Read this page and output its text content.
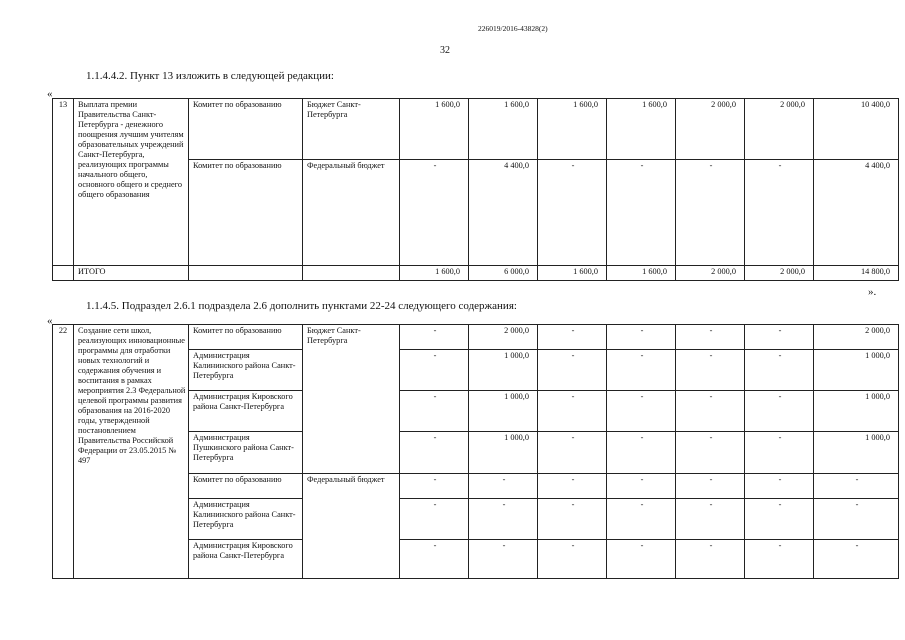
226019/2016-43828(2)
32
1.1.4.4.2. Пункт 13 изложить в следующей редакции:
«
13	Выплата премии Правительства Санкт-Петербурга - денежного поощрения лучшим учителям образовательных учреждений Санкт-Петербурга, реализующих программы начального общего, основного общего и среднего общего образования	Комитет по образованию	Бюджет Санкт-Петербурга	1 600,0	1 600,0	1 600,0	1 600,0	2 000,0	2 000,0	10 400,0
		Комитет по образованию	Федеральный бюджет	-	4 400,0	-	-	-	-	4 400,0
	ИТОГО			1 600,0	6 000,0	1 600,0	1 600,0	2 000,0	2 000,0	14 800,0
».
1.1.4.5. Подраздел 2.6.1 подраздела 2.6 дополнить пунктами 22-24 следующего содержания:
«
22	Создание сети школ, реализующих инновационные программы для отработки новых технологий и содержания обучения и воспитания в рамках мероприятия 2.3 Федеральной целевой программы развития образования на 2016-2020 годы, утвержденной постановлением Правительства Российской Федерации от 23.05.2015 № 497	Комитет по образованию	Бюджет Санкт-Петербурга	-	2 000,0	-	-	-	-	2 000,0
		Администрация Калининского района Санкт-Петербурга		-	1 000,0	-	-	-	-	1 000,0
		Администрация Кировского района Санкт-Петербурга		-	1 000,0	-	-	-	-	1 000,0
		Администрация Пушкинского района Санкт-Петербурга		-	1 000,0	-	-	-	-	1 000,0
		Комитет по образованию	Федеральный бюджет	-	-	-	-	-	-	-
		Администрация Калининского района Санкт-Петербурга		-	-	-	-	-	-	-
		Администрация Кировского района Санкт-Петербурга		-	-	-	-	-	-	-
